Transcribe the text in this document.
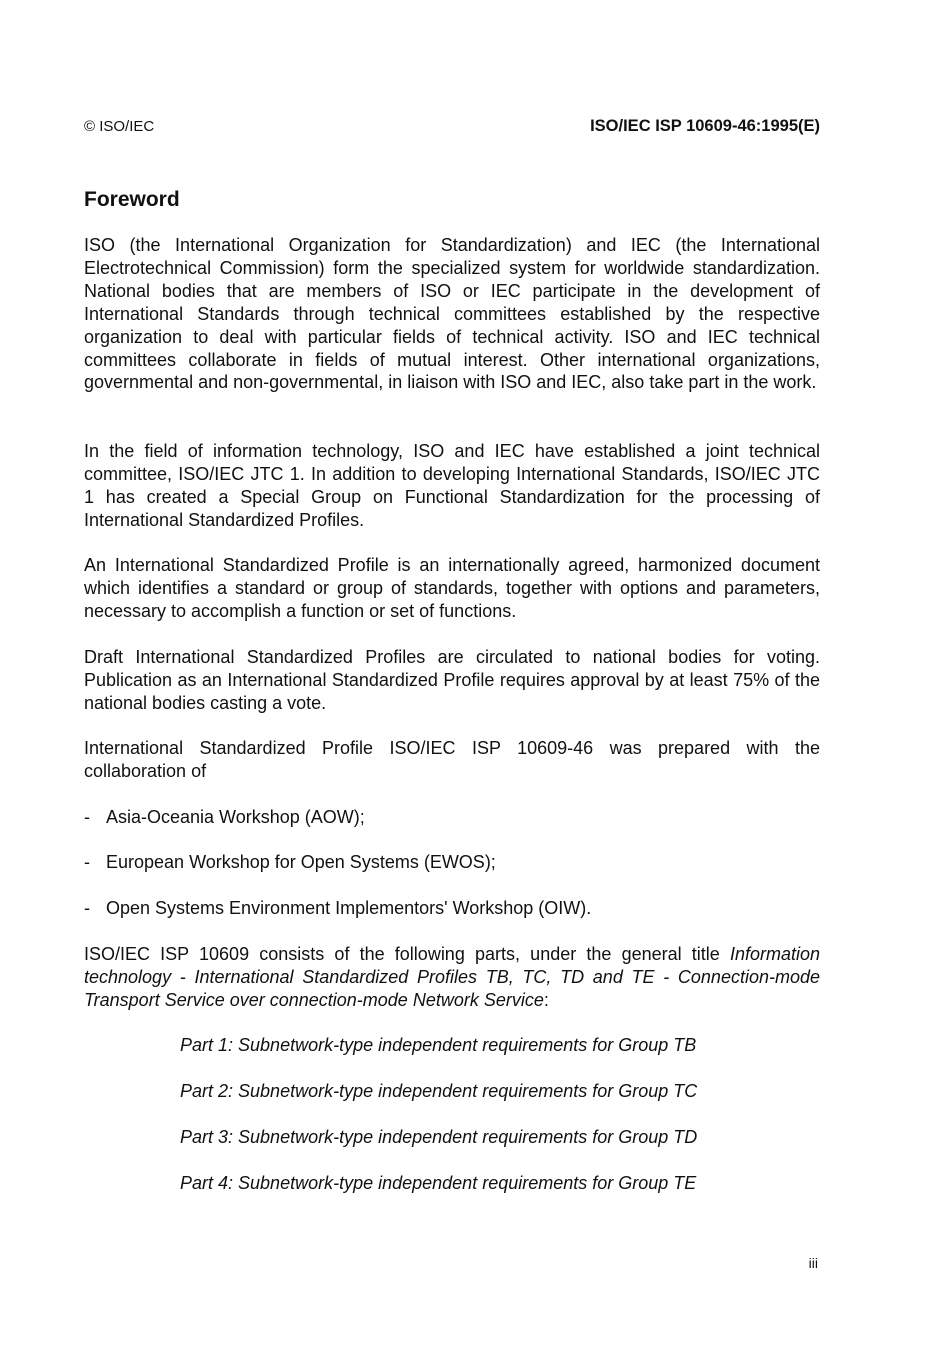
© ISO/IEC	ISO/IEC ISP 10609-46:1995(E)
Foreword

ISO (the International Organization for Standardization) and IEC (the International Electrotechnical Commission) form the specialized system for worldwide standardization. National bodies that are members of ISO or IEC participate in the development of International Standards through technical committees established by the respective organization to deal with particular fields of technical activity. ISO and IEC technical committees collaborate in fields of mutual interest. Other international organizations, governmental and non-governmental, in liaison with ISO and IEC, also take part in the work.

In the field of information technology, ISO and IEC have established a joint technical committee, ISO/IEC JTC 1. In addition to developing International Standards, ISO/IEC JTC 1 has created a Special Group on Functional Standardization for the processing of International Standardized Profiles.

An International Standardized Profile is an internationally agreed, harmonized document which identifies a standard or group of standards, together with options and parameters, necessary to accomplish a function or set of functions.

Draft International Standardized Profiles are circulated to national bodies for voting. Publication as an International Standardized Profile requires approval by at least 75% of the national bodies casting a vote.

International Standardized Profile ISO/IEC ISP 10609-46 was prepared with the collaboration of

- Asia-Oceania Workshop (AOW);
- European Workshop for Open Systems (EWOS);
- Open Systems Environment Implementors' Workshop (OIW).

ISO/IEC ISP 10609 consists of the following parts, under the general title Information technology - International Standardized Profiles TB, TC, TD and TE - Connection-mode Transport Service over connection-mode Network Service:

Part 1: Subnetwork-type independent requirements for Group TB
Part 2: Subnetwork-type independent requirements for Group TC
Part 3: Subnetwork-type independent requirements for Group TD
Part 4: Subnetwork-type independent requirements for Group TE
iii
